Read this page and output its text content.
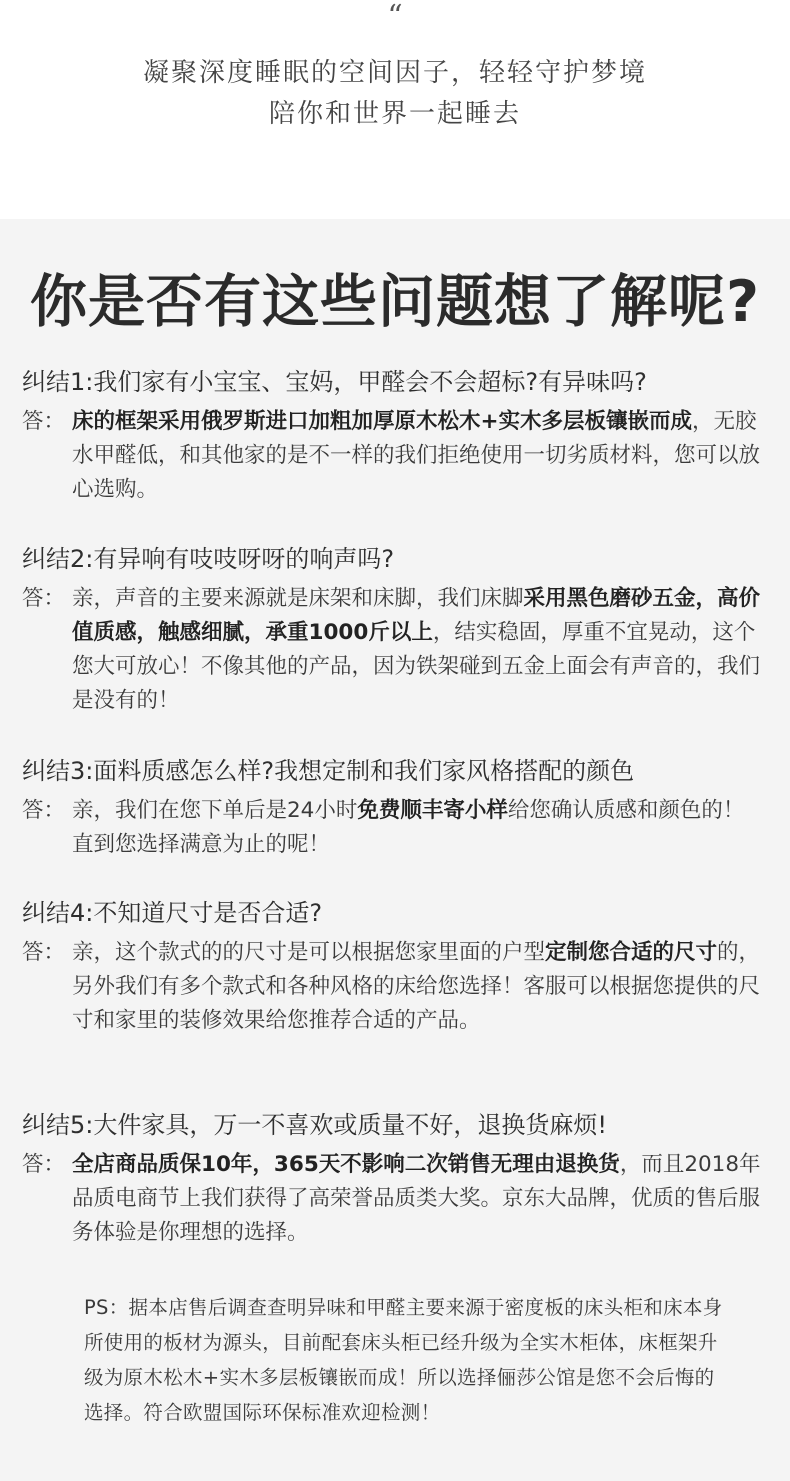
“
凝聚深度睡眠的空间因子，轻轻守护梦境
陪你和世界一起睡去
你是否有这些问题想了解呢?
纠结1:我们家有小宝宝、宝妈，甲醛会不会超标?有异味吗?
答： 床的框架采用俄罗斯进口加粗加厚原木松木+实木多层板镶嵌而成，无胶水甲醛低，和其他家的是不一样的我们拒绝使用一切劣质材料，您可以放心选购。
纠结2:有异响有吱吱呀呀的响声吗?
答： 亲，声音的主要来源就是床架和床脚，我们床脚采用黑色磨砂五金，高价值质感，触感细腻，承重1000斤以上，结实稳固，厚重不宜晃动，这个您大可放心！不像其他的产品，因为铁架碰到五金上面会有声音的，我们是没有的！
纠结3:面料质感怎么样?我想定制和我们家风格搭配的颜色
答： 亲，我们在您下单后是24小时免费顺丰寄小样给您确认质感和颜色的！直到您选择满意为止的呢！
纠结4:不知道尺寸是否合适?
答： 亲，这个款式的的尺寸是可以根据您家里面的户型定制您合适的尺寸的，另外我们有多个款式和各种风格的床给您选择！客服可以根据您提供的尺寸和家里的装修效果给您推荐合适的产品。
纠结5:大件家具，万一不喜欢或质量不好，退换货麻烦!
答： 全店商品质保10年，365天不影响二次销售无理由退换货，而且2018年品质电商节上我们获得了高荣誉品质类大奖。京东大品牌，优质的售后服务体验是你理想的选择。
PS：据本店售后调查查明异味和甲醛主要来源于密度板的床头柜和床本身所使用的板材为源头，目前配套床头柜已经升级为全实木柜体，床框架升级为原木松木+实木多层板镶嵌而成！所以选择俪莎公馆是您不会后悔的选择。符合欧盟国际环保标准欢迎检测！
